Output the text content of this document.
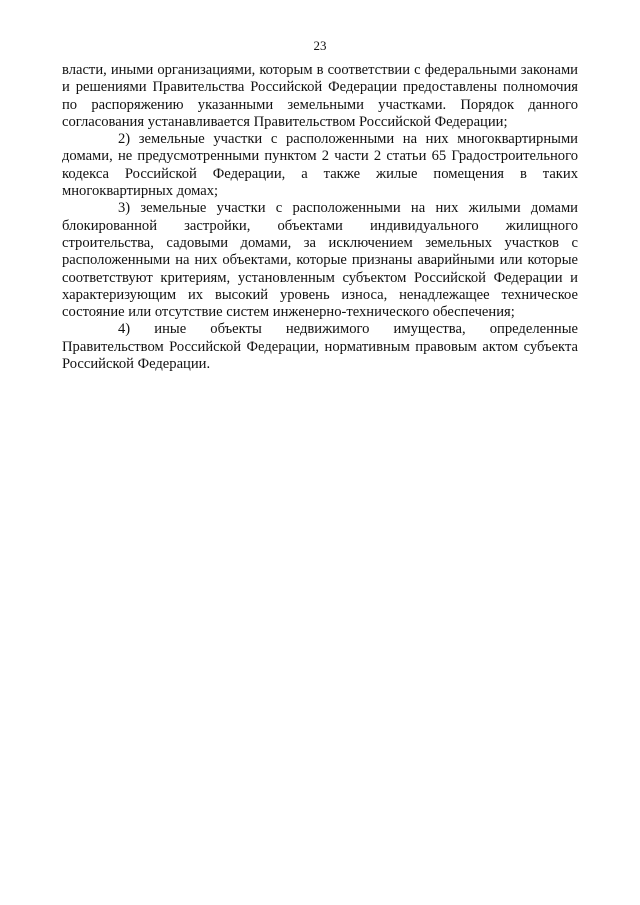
23

власти, иными организациями, которым в соответствии с федеральными законами и решениями Правительства Российской Федерации предоставлены полномочия по распоряжению указанными земельными участками. Порядок данного согласования устанавливается Правительством Российской Федерации;

2) земельные участки с расположенными на них многоквартирными домами, не предусмотренными пунктом 2 части 2 статьи 65 Градостроительного кодекса Российской Федерации, а также жилые помещения в таких многоквартирных домах;

3) земельные участки с расположенными на них жилыми домами блокированной застройки, объектами индивидуального жилищного строительства, садовыми домами, за исключением земельных участков с расположенными на них объектами, которые признаны аварийными или которые соответствуют критериям, установленным субъектом Российской Федерации и характеризующим их высокий уровень износа, ненадлежащее техническое состояние или отсутствие систем инженерно-технического обеспечения;

4) иные объекты недвижимого имущества, определенные Правительством Российской Федерации, нормативным правовым актом субъекта Российской Федерации.
